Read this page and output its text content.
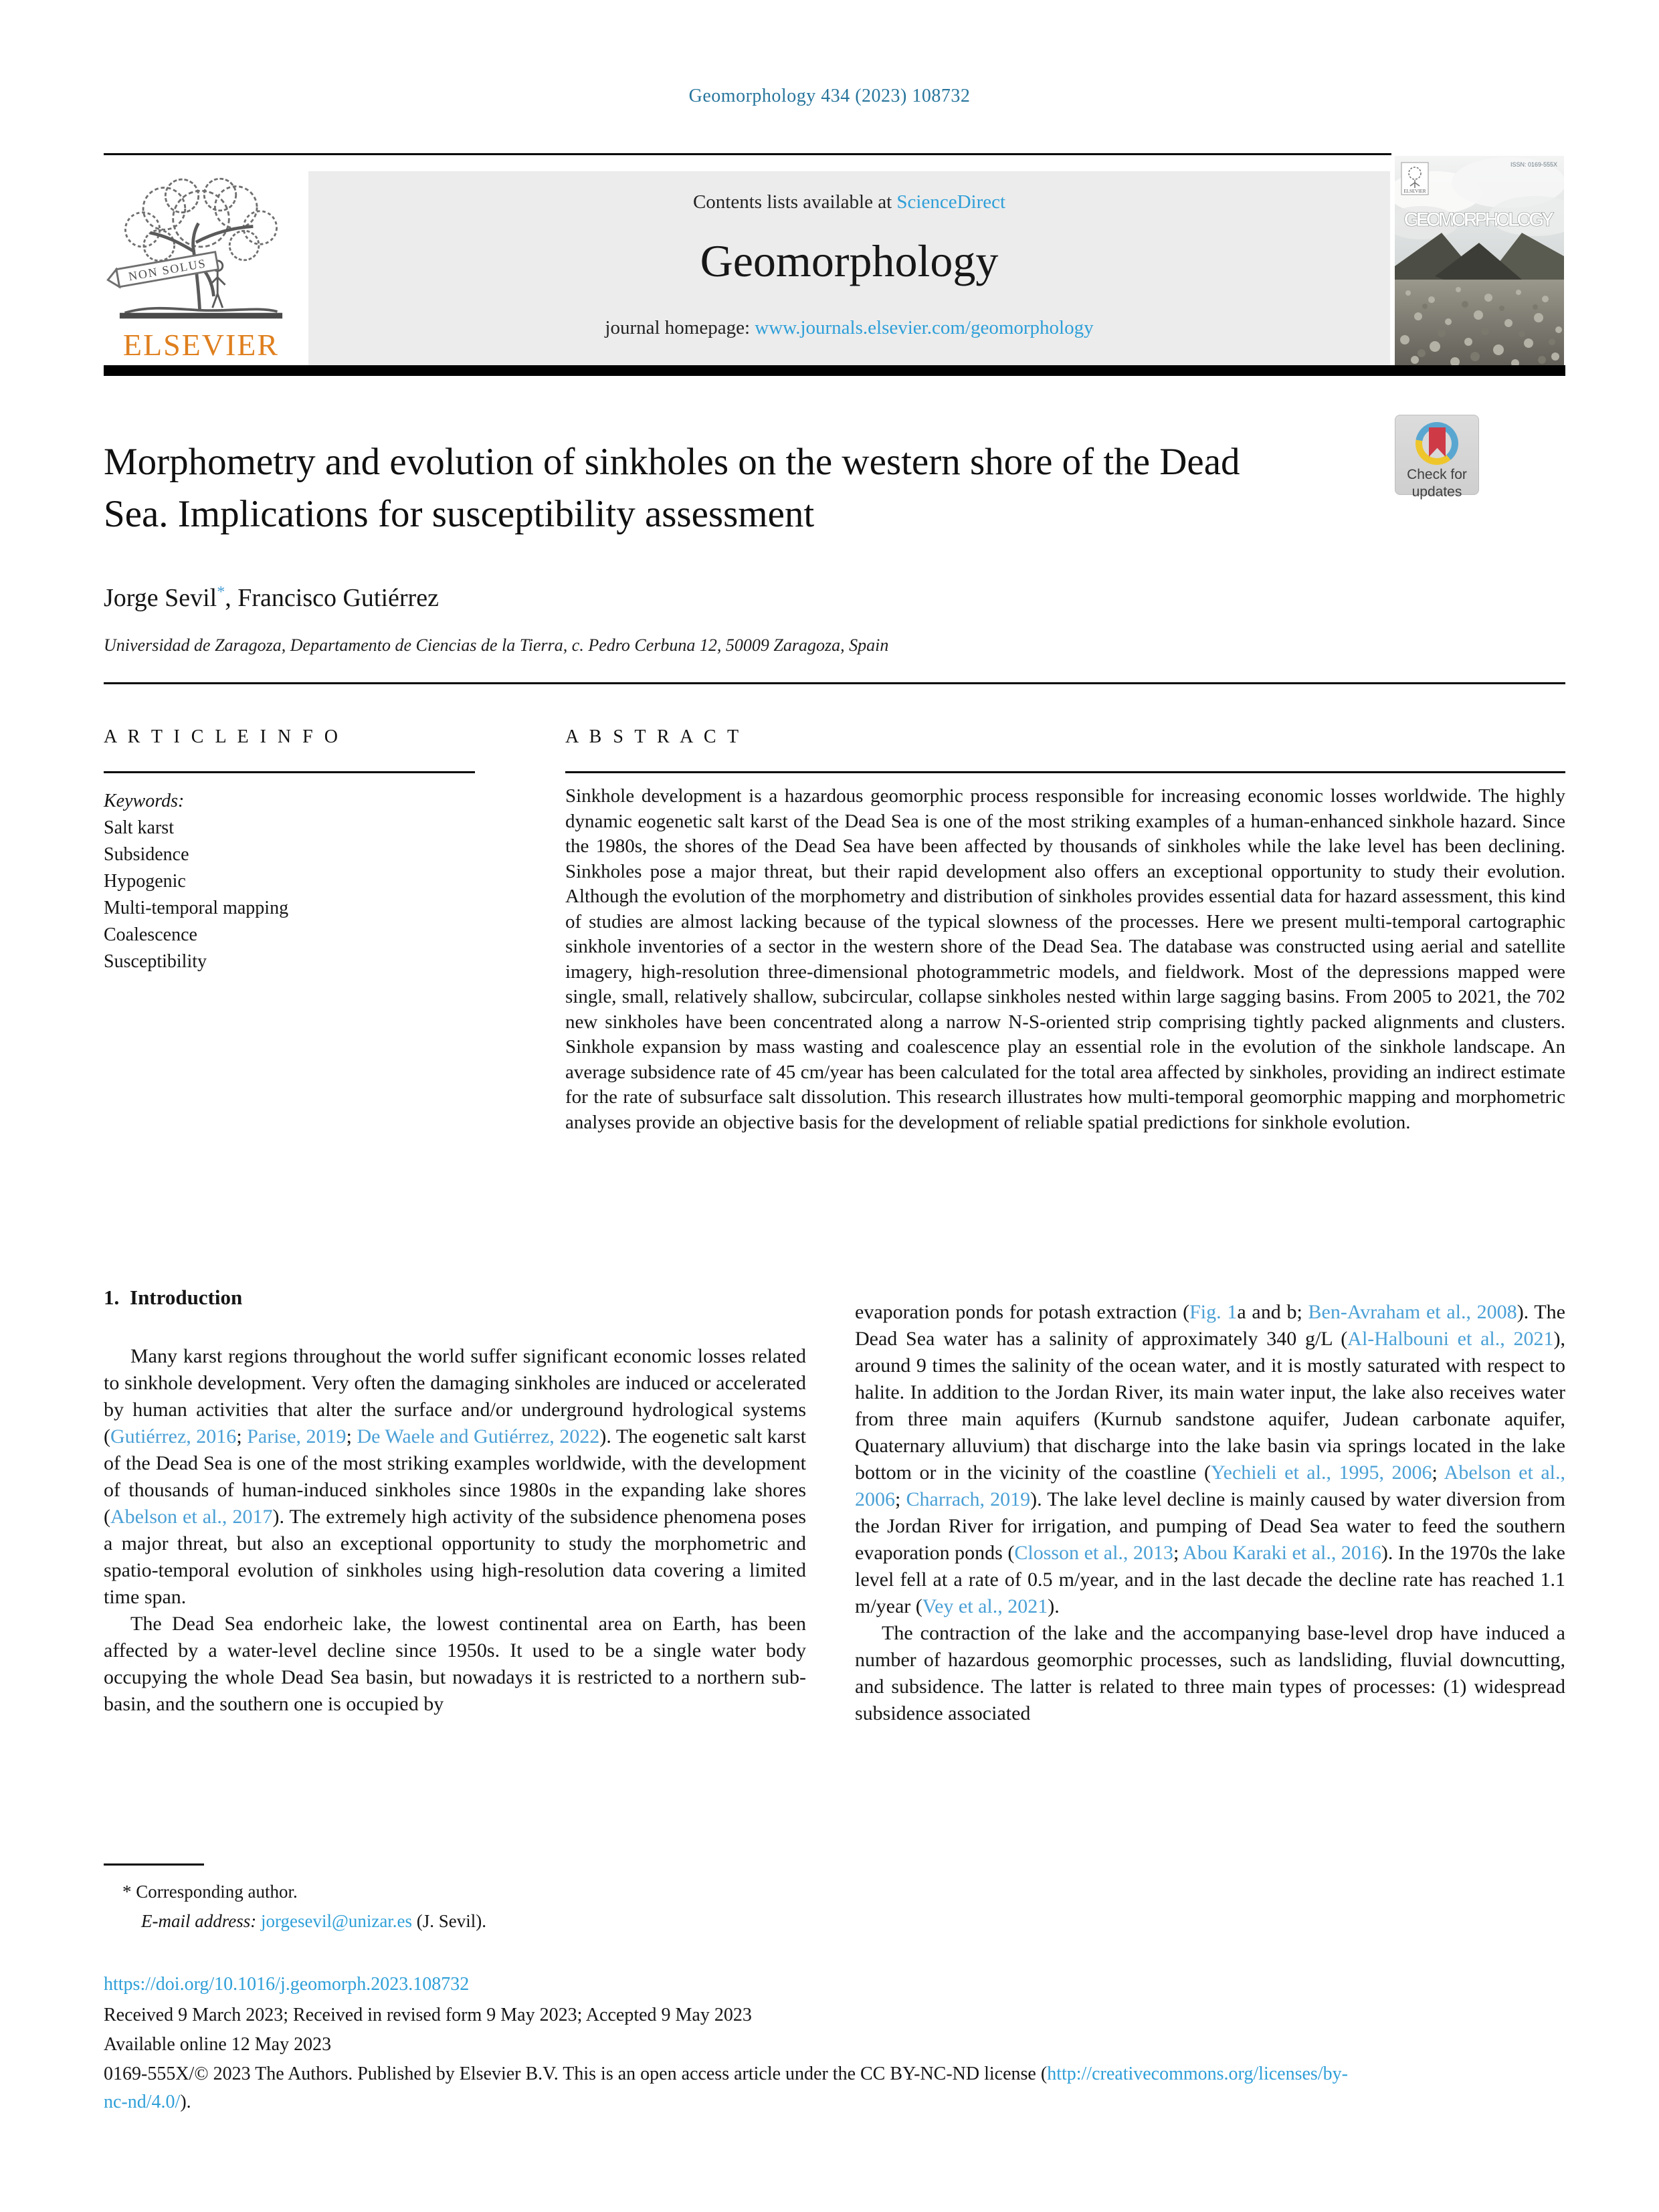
Geomorphology 434 (2023) 108732
Contents lists available at ScienceDirect
Geomorphology
journal homepage: www.journals.elsevier.com/geomorphology
NON SOLUS
ELSEVIER
GEOMORPHOLOGY
ELSEVIER
ISSN: 0169-555X
Check for
updates
Morphometry and evolution of sinkholes on the western shore of the Dead
Sea. Implications for susceptibility assessment
Jorge Sevil*, Francisco Gutiérrez
Universidad de Zaragoza, Departamento de Ciencias de la Tierra, c. Pedro Cerbuna 12, 50009 Zaragoza, Spain
A R T I C L E I N F O
Keywords:
Salt karst
Subsidence
Hypogenic
Multi-temporal mapping
Coalescence
Susceptibility
A B S T R A C T
Sinkhole development is a hazardous geomorphic process responsible for increasing economic losses worldwide. The highly dynamic eogenetic salt karst of the Dead Sea is one of the most striking examples of a human-enhanced sinkhole hazard. Since the 1980s, the shores of the Dead Sea have been affected by thousands of sinkholes while the lake level has been declining. Sinkholes pose a major threat, but their rapid development also offers an exceptional opportunity to study their evolution. Although the evolution of the morphometry and distribution of sinkholes provides essential data for hazard assessment, this kind of studies are almost lacking because of the typical slowness of the processes. Here we present multi-temporal cartographic sinkhole inventories of a sector in the western shore of the Dead Sea. The database was constructed using aerial and satellite imagery, high-resolution three-dimensional photogrammetric models, and fieldwork. Most of the depressions mapped were single, small, relatively shallow, subcircular, collapse sinkholes nested within large sagging basins. From 2005 to 2021, the 702 new sinkholes have been concentrated along a narrow N-S-oriented strip comprising tightly packed alignments and clusters. Sinkhole expansion by mass wasting and coalescence play an essential role in the evolution of the sinkhole landscape. An average subsidence rate of 45 cm/year has been calculated for the total area affected by sinkholes, providing an indirect estimate for the rate of subsurface salt dissolution. This research illustrates how multi-temporal geomorphic mapping and morphometric analyses provide an objective basis for the development of reliable spatial predictions for sinkhole evolution.
1. Introduction
Many karst regions throughout the world suffer significant economic losses related to sinkhole development. Very often the damaging sinkholes are induced or accelerated by human activities that alter the surface and/or underground hydrological systems (Gutiérrez, 2016; Parise, 2019; De Waele and Gutiérrez, 2022). The eogenetic salt karst of the Dead Sea is one of the most striking examples worldwide, with the development of thousands of human-induced sinkholes since 1980s in the expanding lake shores (Abelson et al., 2017). The extremely high activity of the subsidence phenomena poses a major threat, but also an exceptional opportunity to study the morphometric and spatio-temporal evolution of sinkholes using high-resolution data covering a limited time span.
The Dead Sea endorheic lake, the lowest continental area on Earth, has been affected by a water-level decline since 1950s. It used to be a single water body occupying the whole Dead Sea basin, but nowadays it is restricted to a northern sub-basin, and the southern one is occupied by
evaporation ponds for potash extraction (Fig. 1a and b; Ben-Avraham et al., 2008). The Dead Sea water has a salinity of approximately 340 g/L (Al-Halbouni et al., 2021), around 9 times the salinity of the ocean water, and it is mostly saturated with respect to halite. In addition to the Jordan River, its main water input, the lake also receives water from three main aquifers (Kurnub sandstone aquifer, Judean carbonate aquifer, Quaternary alluvium) that discharge into the lake basin via springs located in the lake bottom or in the vicinity of the coastline (Yechieli et al., 1995, 2006; Abelson et al., 2006; Charrach, 2019). The lake level decline is mainly caused by water diversion from the Jordan River for irrigation, and pumping of Dead Sea water to feed the southern evaporation ponds (Closson et al., 2013; Abou Karaki et al., 2016). In the 1970s the lake level fell at a rate of 0.5 m/year, and in the last decade the decline rate has reached 1.1 m/year (Vey et al., 2021).
The contraction of the lake and the accompanying base-level drop have induced a number of hazardous geomorphic processes, such as landsliding, fluvial downcutting, and subsidence. The latter is related to three main types of processes: (1) widespread subsidence associated
* Corresponding author.
E-mail address: jorgesevil@unizar.es (J. Sevil).
https://doi.org/10.1016/j.geomorph.2023.108732
Received 9 March 2023; Received in revised form 9 May 2023; Accepted 9 May 2023
Available online 12 May 2023
0169-555X/© 2023 The Authors. Published by Elsevier B.V. This is an open access article under the CC BY-NC-ND license (http://creativecommons.org/licenses/by-
nc-nd/4.0/).
